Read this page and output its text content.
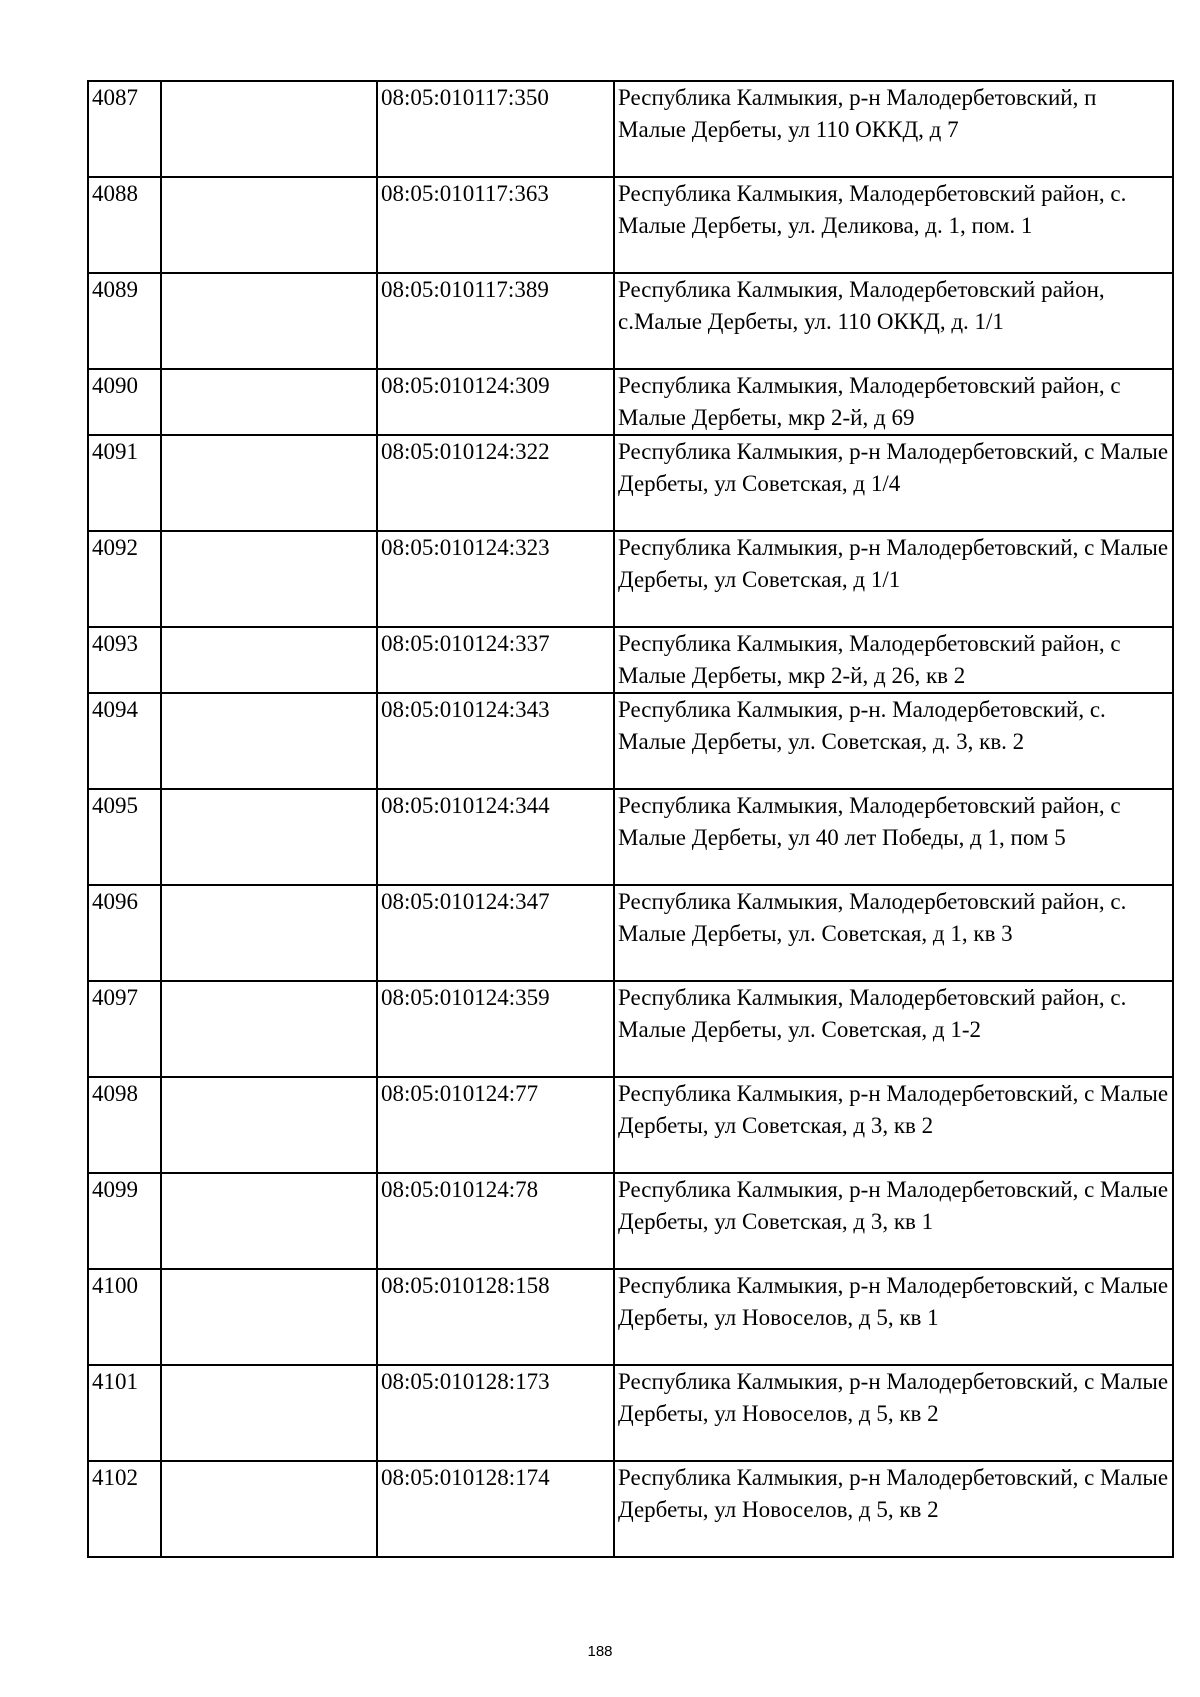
4087		08:05:010117:350	Республика Калмыкия, р-н Малодербетовский, п Малые Дербеты, ул 110 ОККД, д 7
4088		08:05:010117:363	Республика Калмыкия, Малодербетовский район, с. Малые Дербеты, ул. Деликова, д. 1, пом. 1
4089		08:05:010117:389	Республика Калмыкия, Малодербетовский район, с.Малые Дербеты, ул. 110 ОККД, д. 1/1
4090		08:05:010124:309	Республика Калмыкия, Малодербетовский район, с Малые Дербеты, мкр 2-й, д 69
4091		08:05:010124:322	Республика Калмыкия, р-н Малодербетовский, с Малые Дербеты, ул Советская, д 1/4
4092		08:05:010124:323	Республика Калмыкия, р-н Малодербетовский, с Малые Дербеты, ул Советская, д 1/1
4093		08:05:010124:337	Республика Калмыкия, Малодербетовский район, с Малые Дербеты, мкр 2-й, д 26, кв 2
4094		08:05:010124:343	Республика Калмыкия, р-н. Малодербетовский, с. Малые Дербеты, ул. Советская, д. 3, кв. 2
4095		08:05:010124:344	Республика Калмыкия, Малодербетовский район, с Малые Дербеты, ул 40 лет Победы, д 1, пом 5
4096		08:05:010124:347	Республика Калмыкия, Малодербетовский район, с. Малые Дербеты, ул. Советская, д 1, кв 3
4097		08:05:010124:359	Республика Калмыкия, Малодербетовский район, с. Малые Дербеты, ул. Советская, д 1-2
4098		08:05:010124:77	Республика Калмыкия, р-н Малодербетовский, с Малые Дербеты, ул Советская, д 3, кв 2
4099		08:05:010124:78	Республика Калмыкия, р-н Малодербетовский, с Малые Дербеты, ул Советская, д 3, кв 1
4100		08:05:010128:158	Республика Калмыкия, р-н Малодербетовский, с Малые Дербеты, ул Новоселов, д 5, кв 1
4101		08:05:010128:173	Республика Калмыкия, р-н Малодербетовский, с Малые Дербеты, ул Новоселов, д 5, кв 2
4102		08:05:010128:174	Республика Калмыкия, р-н Малодербетовский, с Малые Дербеты, ул Новоселов, д 5, кв 2
188
